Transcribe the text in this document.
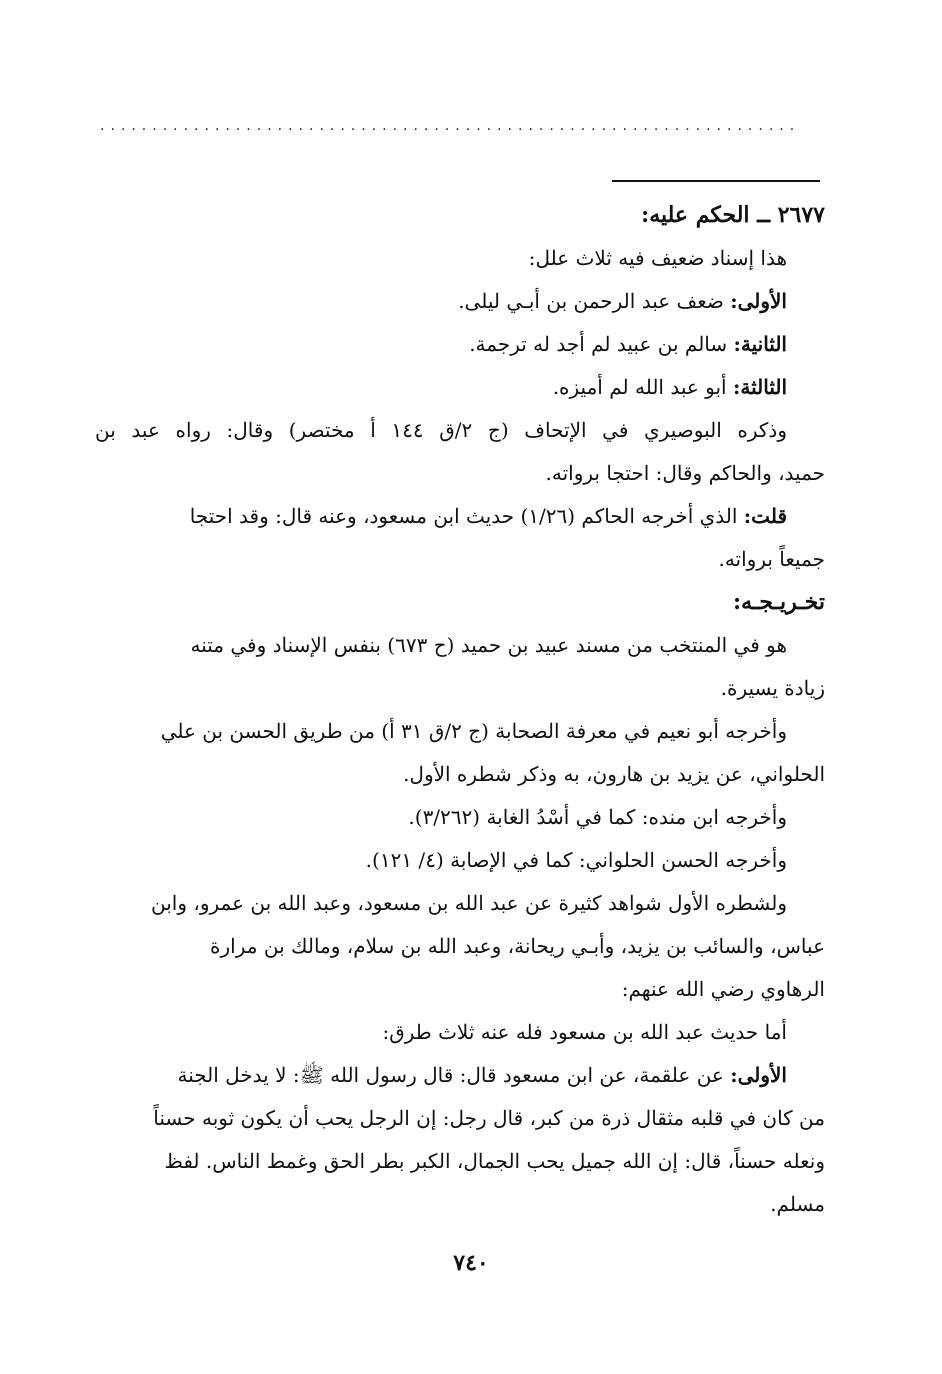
...................................................................
٢٦٧٧ ــ الحكم عليه:
هذا إسناد ضعيف فيه ثلاث علل:
الأولى: ضعف عبد الرحمن بن أبـي ليلى.
الثانية: سالم بن عبيد لم أجد له ترجمة.
الثالثة: أبو عبد الله لم أميزه.
وذكره البوصيري في الإتحاف (ج ٢/ق ١٤٤ أ مختصر) وقال: رواه عبد بن
حميد، والحاكم وقال: احتجا برواته.
قلت: الذي أخرجه الحاكم (١/٢٦) حديث ابن مسعود، وعنه قال: وقد احتجا
جميعاً برواته.
تخـريـجـه:
هو في المنتخب من مسند عبيد بن حميد (ح ٦٧٣) بنفس الإسناد وفي متنه
زيادة يسيرة.
وأخرجه أبو نعيم في معرفة الصحابة (ج ٢/ق ٣١ أ) من طريق الحسن بن علي
الحلواني، عن يزيد بن هارون، به وذكر شطره الأول.
وأخرجه ابن منده: كما في أسْدُ الغابة (٣/٢٦٢).
وأخرجه الحسن الحلواني: كما في الإصابة (٤/ ١٢١).
ولشطره الأول شواهد كثيرة عن عبد الله بن مسعود، وعبد الله بن عمرو، وابن
عباس، والسائب بن يزيد، وأبـي ريحانة، وعبد الله بن سلام، ومالك بن مرارة
الرهاوي رضي الله عنهم:
أما حديث عبد الله بن مسعود فله عنه ثلاث طرق:
الأولى: عن علقمة، عن ابن مسعود قال: قال رسول الله ﷺ: لا يدخل الجنة
من كان في قلبه مثقال ذرة من كبر، قال رجل: إن الرجل يحب أن يكون ثوبه حسناً
ونعله حسناً، قال: إن الله جميل يحب الجمال، الكبر بطر الحق وغمط الناس. لفظ
مسلم.
٧٤٠
